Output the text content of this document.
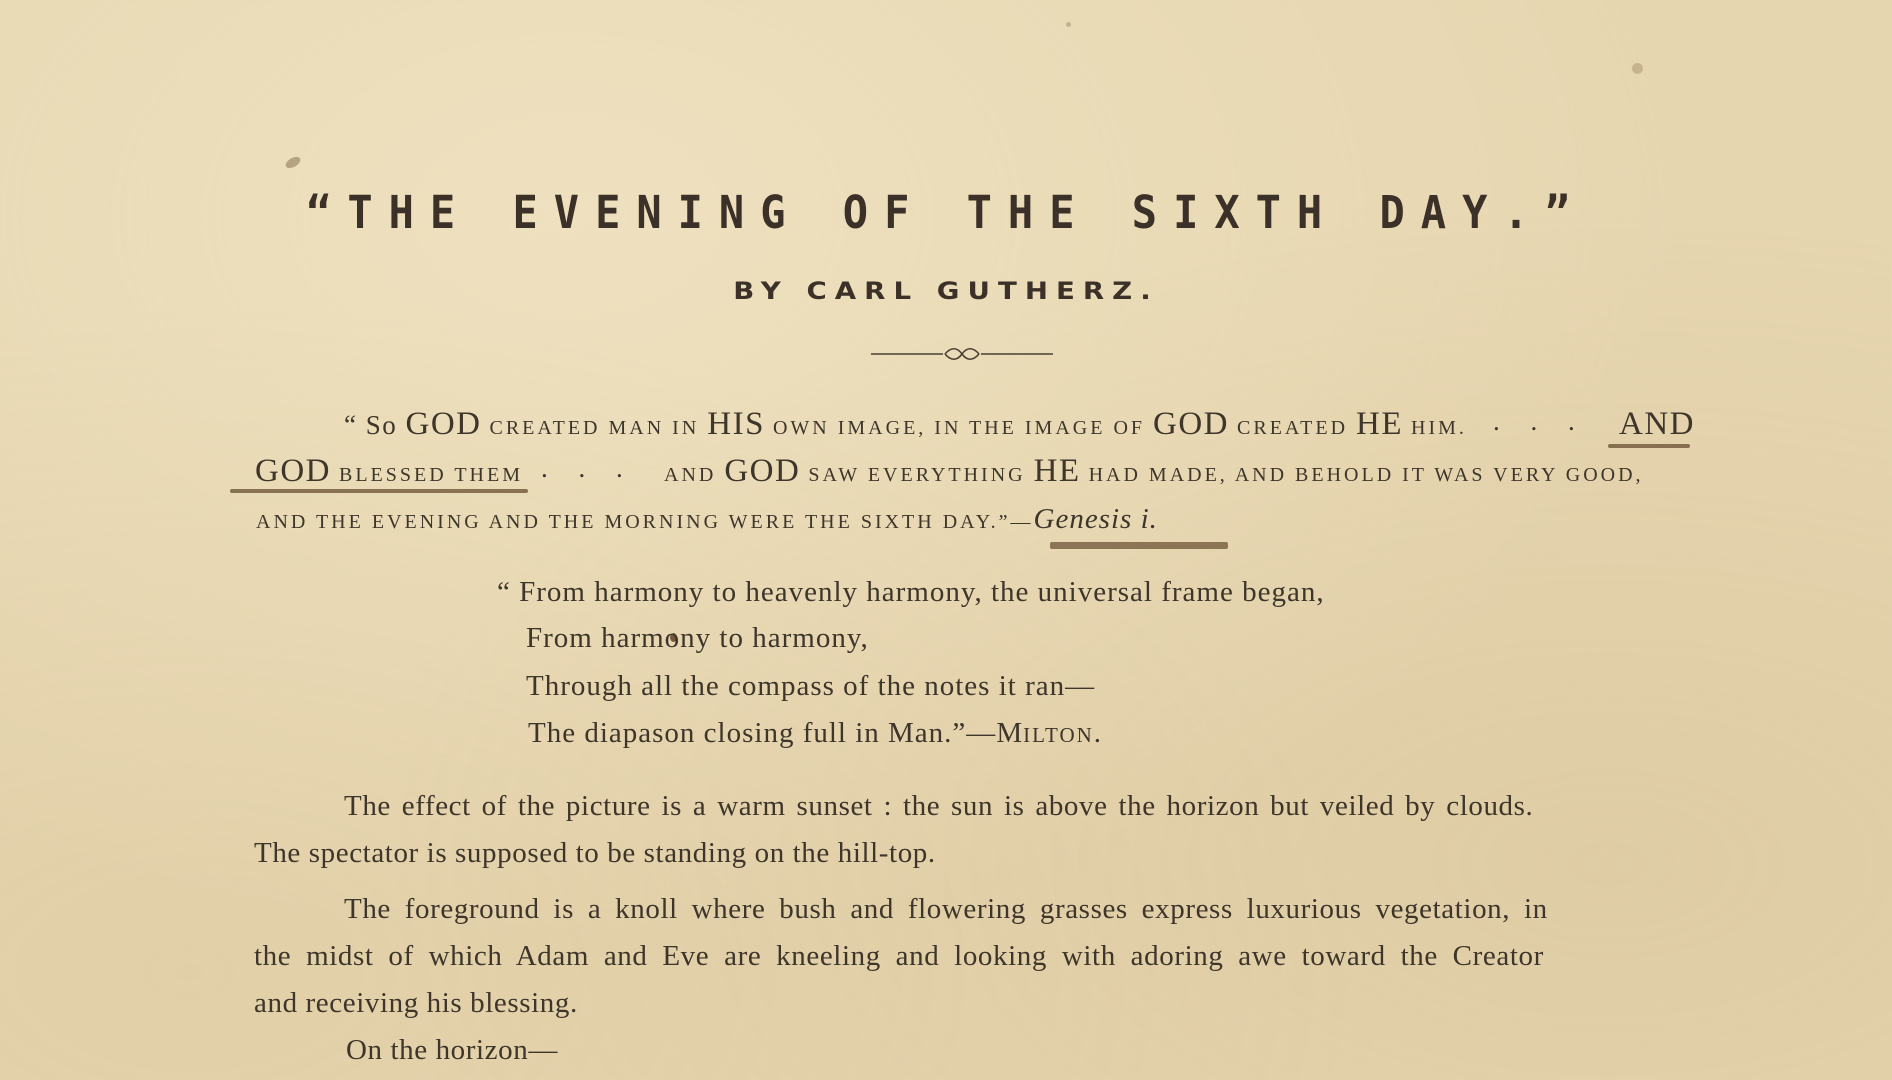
“THE EVENING OF THE SIXTH DAY.”
BY CARL GUTHERZ.
“ So GOD CREATED MAN IN HIS OWN IMAGE, IN THE IMAGE OF GOD CREATED HE HIM. . . . AND
GOD BLESSED THEM . . . AND GOD SAW EVERYTHING HE HAD MADE, AND BEHOLD IT WAS VERY GOOD,
AND THE EVENING AND THE MORNING WERE THE SIXTH DAY.”—Genesis i.
“ From harmony to heavenly harmony, the universal frame began,
From harmony to harmony,
Through all the compass of the notes it ran—
The diapason closing full in Man.”—MILTON.
The effect of the picture is a warm sunset : the sun is above the horizon but veiled by clouds.
The spectator is supposed to be standing on the hill-top.
The foreground is a knoll where bush and flowering grasses express luxurious vegetation, in
the midst of which Adam and Eve are kneeling and looking with adoring awe toward the Creator
and receiving his blessing.
On the horizon—
